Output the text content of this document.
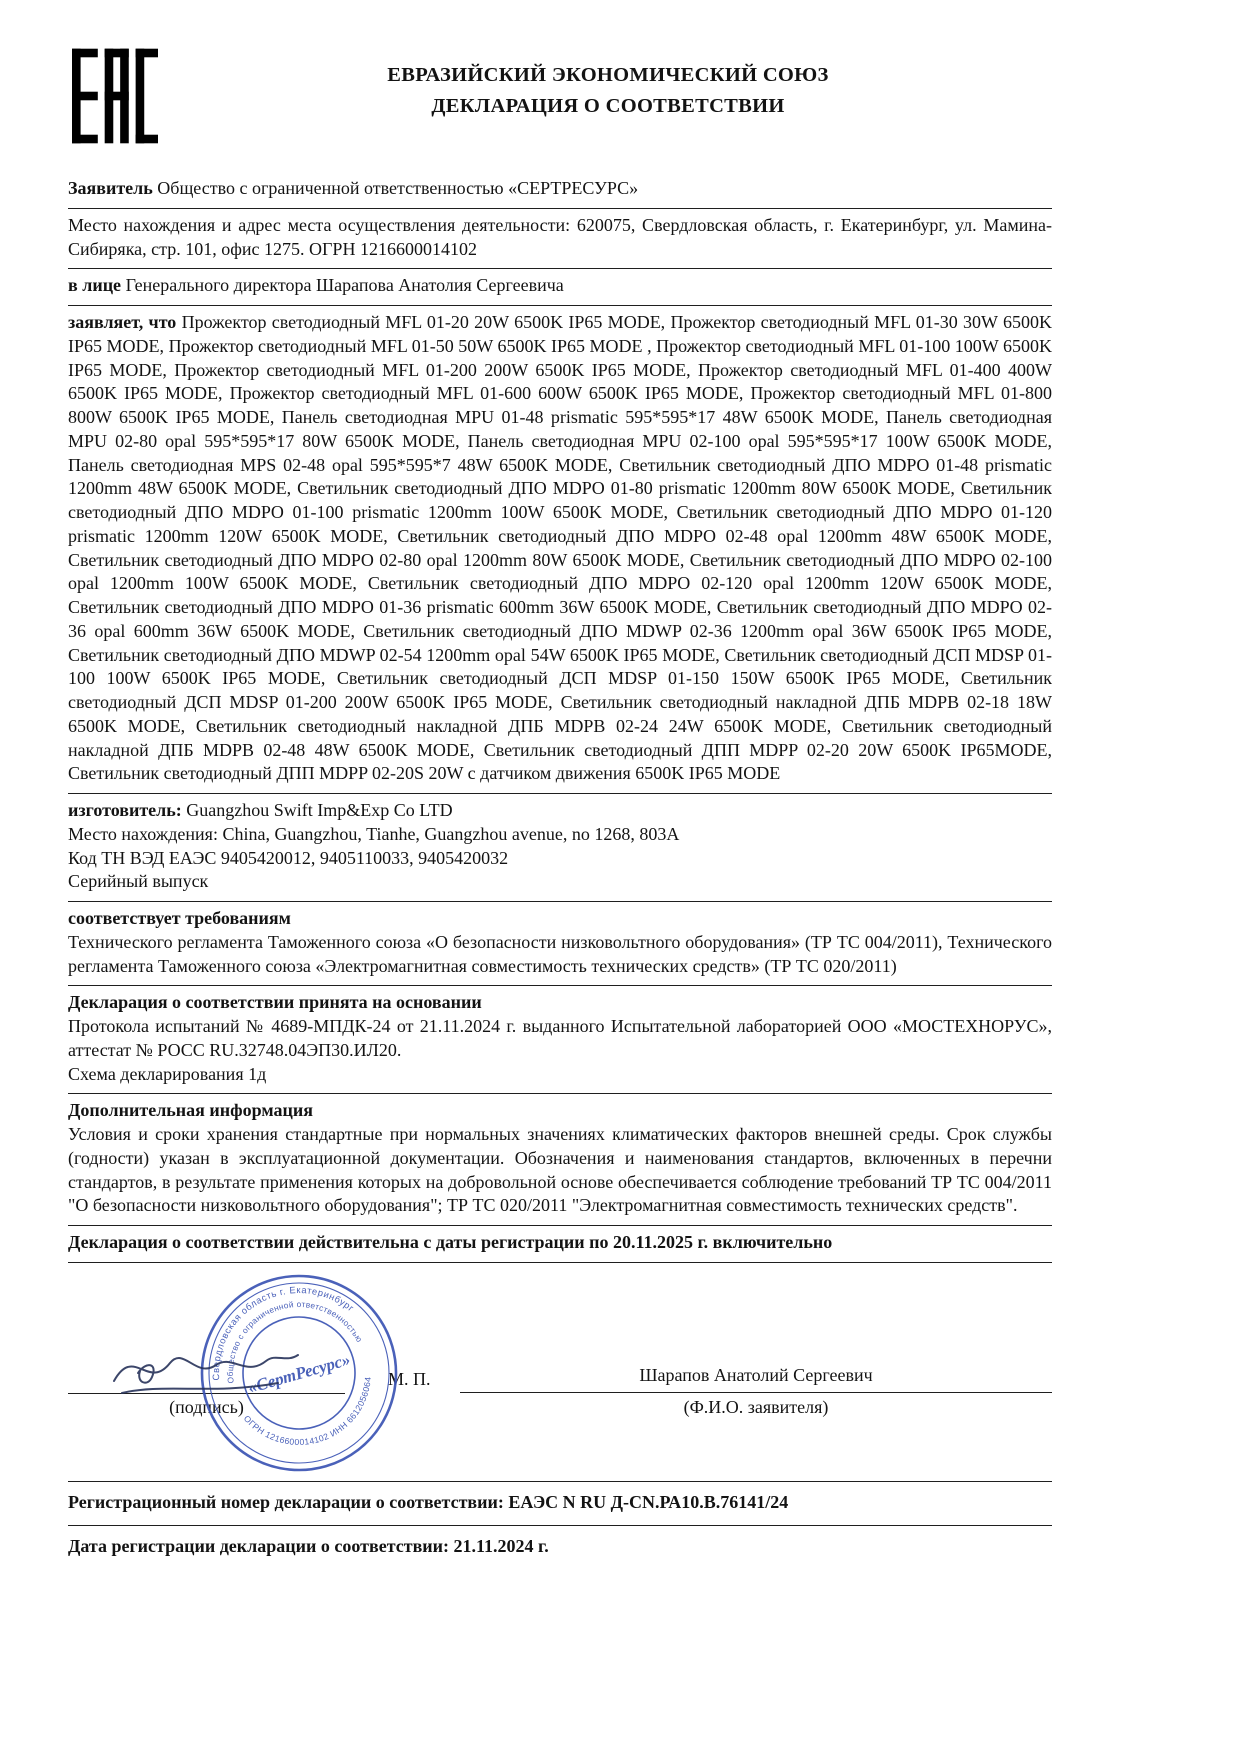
ЕВРАЗИЙСКИЙ ЭКОНОМИЧЕСКИЙ СОЮЗ
ДЕКЛАРАЦИЯ О СООТВЕТСТВИИ

Заявитель Общество с ограниченной ответственностью «СЕРТРЕСУРС»

Место нахождения и адрес места осуществления деятельности: 620075, Свердловская область, г. Екатеринбург, ул. Мамина-Сибиряка, стр. 101, офис 1275. ОГРН 1216600014102

в лице Генерального директора Шарапова Анатолия Сергеевича

заявляет, что Прожектор светодиодный MFL 01-20 20W 6500K IP65 MODE, Прожектор светодиодный MFL 01-30 30W 6500K IP65 MODE, Прожектор светодиодный MFL 01-50 50W 6500K IP65 MODE , Прожектор светодиодный MFL 01-100 100W 6500K IP65 MODE, Прожектор светодиодный MFL 01-200 200W 6500K IP65 MODE, Прожектор светодиодный MFL 01-400 400W 6500K IP65 MODE, Прожектор светодиодный MFL 01-600 600W 6500K IP65 MODE, Прожектор светодиодный MFL 01-800 800W 6500K IP65 MODE, Панель светодиодная MPU 01-48 prismatic 595*595*17 48W 6500K MODE, Панель светодиодная MPU 02-80 opal 595*595*17 80W 6500K MODE, Панель светодиодная MPU 02-100 opal 595*595*17 100W 6500K MODE, Панель светодиодная MPS 02-48 opal 595*595*7 48W 6500K MODE, Светильник светодиодный ДПО MDPO 01-48 prismatic 1200mm 48W 6500K MODE, Светильник светодиодный ДПО MDPO 01-80 prismatic 1200mm 80W 6500K MODE, Светильник светодиодный ДПО MDPO 01-100 prismatic 1200mm 100W 6500K MODE, Светильник светодиодный ДПО MDPO 01-120 prismatic 1200mm 120W 6500K MODE, Светильник светодиодный ДПО MDPO 02-48 opal 1200mm 48W 6500K MODE, Светильник светодиодный ДПО MDPO 02-80 opal 1200mm 80W 6500K MODE, Светильник светодиодный ДПО MDPO 02-100 opal 1200mm 100W 6500K MODE, Светильник светодиодный ДПО MDPO 02-120 opal 1200mm 120W 6500K MODE, Светильник светодиодный ДПО MDPO 01-36 prismatic 600mm 36W 6500K MODE, Светильник светодиодный ДПО MDPO 02-36 opal 600mm 36W 6500K MODE, Светильник светодиодный ДПО MDWP 02-36 1200mm opal 36W 6500K IP65 MODE, Светильник светодиодный ДПО MDWP 02-54 1200mm opal 54W 6500K IP65 MODE, Светильник светодиодный ДСП MDSP 01-100 100W 6500K IP65 MODE, Светильник светодиодный ДСП MDSP 01-150 150W 6500K IP65 MODE, Светильник светодиодный ДСП MDSP 01-200 200W 6500K IP65 MODE, Светильник светодиодный накладной ДПБ MDPB 02-18 18W 6500K MODE, Светильник светодиодный накладной ДПБ MDPB 02-24 24W 6500K MODE, Светильник светодиодный накладной ДПБ MDPB 02-48 48W 6500K MODE, Светильник светодиодный ДПП MDPP 02-20 20W 6500K IP65MODE, Светильник светодиодный ДПП MDPP 02-20S 20W с датчиком движения 6500K IP65 MODE

изготовитель: Guangzhou Swift Imp&Exp Co LTD

Место нахождения: China, Guangzhou, Tianhe, Guangzhou avenue, no 1268, 803A

Код ТН ВЭД ЕАЭС 9405420012, 9405110033, 9405420032

Серийный выпуск

соответствует требованиям

Технического регламента Таможенного союза «О безопасности низковольтного оборудования» (ТР ТС 004/2011), Технического регламента Таможенного союза «Электромагнитная совместимость технических средств» (ТР ТС 020/2011)

Декларация о соответствии принята на основании

Протокола испытаний № 4689-МПДК-24 от 21.11.2024 г. выданного Испытательной лабораторией ООО «МОСТЕХНОРУС», аттестат № РОСС RU.32748.04ЭП30.ИЛ20.

Схема декларирования 1д

Дополнительная информация

Условия и сроки хранения стандартные при нормальных значениях климатических факторов внешней среды. Срок службы (годности) указан в эксплуатационной документации. Обозначения и наименования стандартов, включенных в перечни стандартов, в результате применения которых на добровольной основе обеспечивается соблюдение требований ТР ТС 004/2011 "О безопасности низковольтного оборудования"; ТР ТС 020/2011 "Электромагнитная совместимость технических средств".

Декларация о соответствии действительна с даты регистрации по 20.11.2025 г. включительно

Свердловская область г. Екатеринбург
Общество с ограниченной ответственностью
ОГРН 1216600014102 ИНН 6612056064
«СертРесурс»
(подпись)
М. П.	Шарапов Анатолий Сергеевич
(Ф.И.О. заявителя)
Регистрационный номер декларации о соответствии: ЕАЭС N RU Д-CN.РА10.В.76141/24
Дата регистрации декларации о соответствии: 21.11.2024 г.
